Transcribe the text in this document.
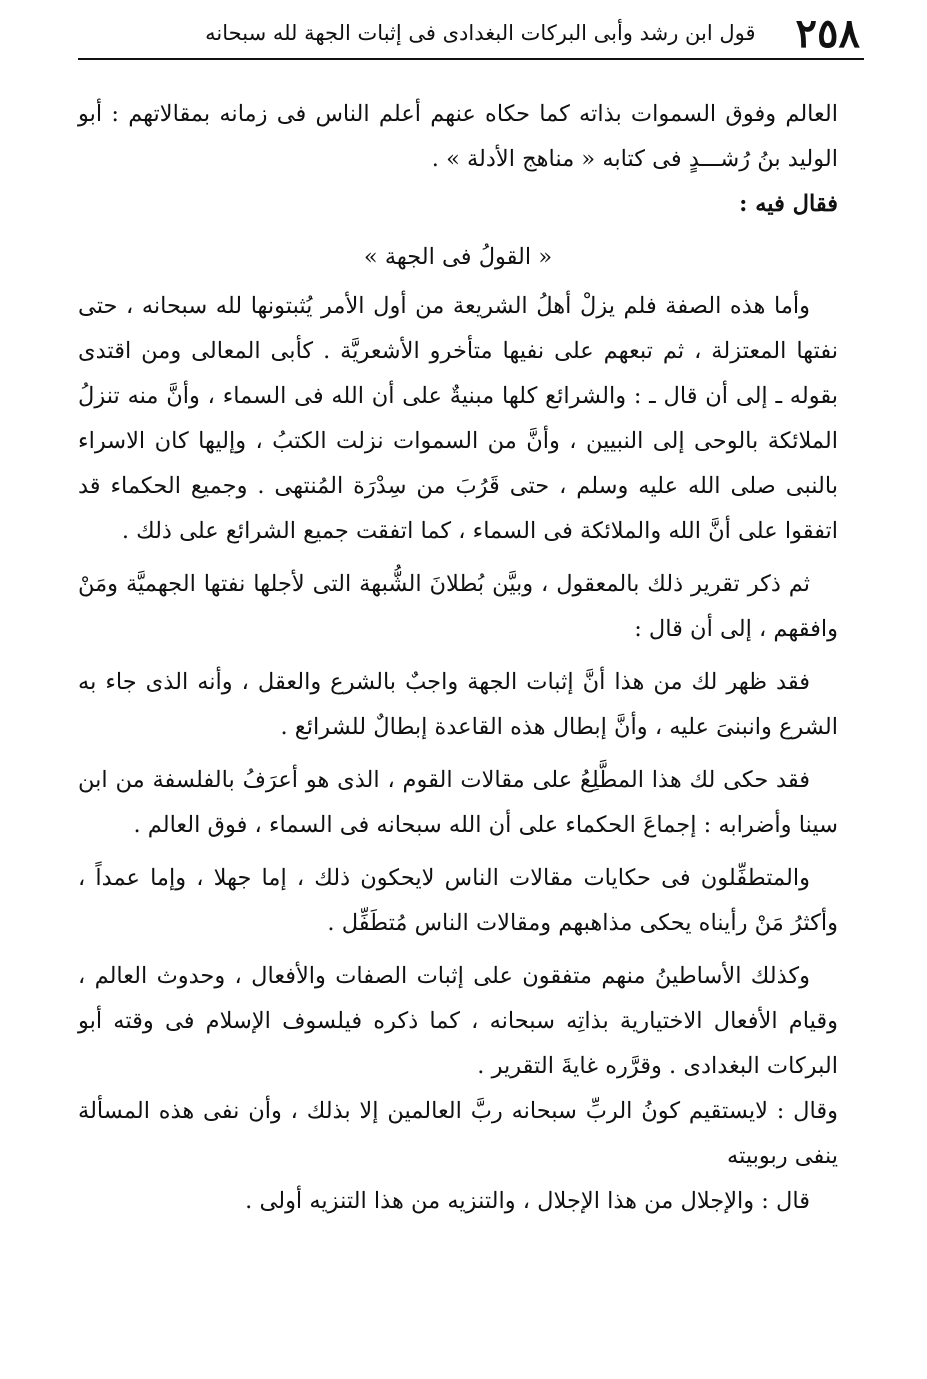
٢٥٨
قول ابن رشد وأبى البركات البغدادى فى إثبات الجهة لله سبحانه

العالم وفوق السموات بذاته كما حكاه عنهم أعلم الناس فى زمانه بمقالاتهم : أبو الوليد بنُ رُشـــدٍ فى كتابه « مناهج الأدلة » .

فقال فيه :

« القولُ فى الجهة »

وأما هذه الصفة فلم يزلْ أهلُ الشريعة من أول الأمر يُثبتونها لله سبحانه ، حتى نفتها المعتزلة ، ثم تبعهم على نفيها متأخرو الأشعريَّة . كأبى المعالى ومن اقتدى بقوله ـ إلى أن قال ـ : والشرائع كلها مبنيةٌ على أن الله فى السماء ، وأنَّ منه تنزلُ الملائكة بالوحى إلى النبيين ، وأنَّ من السموات نزلت الكتبُ ، وإليها كان الاسراء بالنبى صلى الله عليه وسلم ، حتى قَرُبَ من سِدْرَة المُنتهى . وجميع الحكماء قد اتفقوا على أنَّ الله والملائكة فى السماء ، كما اتفقت جميع الشرائع على ذلك .

ثم ذكر تقرير ذلك بالمعقول ، وبيَّن بُطلانَ الشُّبهة التى لأجلها نفتها الجهميَّة ومَنْ وافقهم ، إلى أن قال :

فقد ظهر لك من هذا أنَّ إثبات الجهة واجبٌ بالشرع والعقل ، وأنه الذى جاء به الشرع وانبنىَ عليه ، وأنَّ إبطال هذه القاعدة إبطالٌ للشرائع .

فقد حكى لك هذا المطَّلِعُ على مقالات القوم ، الذى هو أعرَفُ بالفلسفة من ابن سينا وأضرابه : إجماعَ الحكماء على أن الله سبحانه فى السماء ، فوق العالم .

والمتطفِّلون فى حكايات مقالات الناس لايحكون ذلك ، إما جهلا ، وإما عمداً ، وأكثرُ مَنْ رأيناه يحكى مذاهبهم ومقالات الناس مُتطَفِّل .

وكذلك الأساطينُ منهم متفقون على إثبات الصفات والأفعال ، وحدوث العالم ، وقيام الأفعال الاختيارية بذاتِه سبحانه ، كما ذكره فيلسوف الإسلام فى وقته أبو البركات البغدادى . وقرَّره غايةَ التقرير .

وقال : لايستقيم كونُ الربِّ سبحانه ربَّ العالمين إلا بذلك ، وأن نفى هذه المسألة ينفى ربوبيته

قال : والإجلال من هذا الإجلال ، والتنزيه من هذا التنزيه أولى .
